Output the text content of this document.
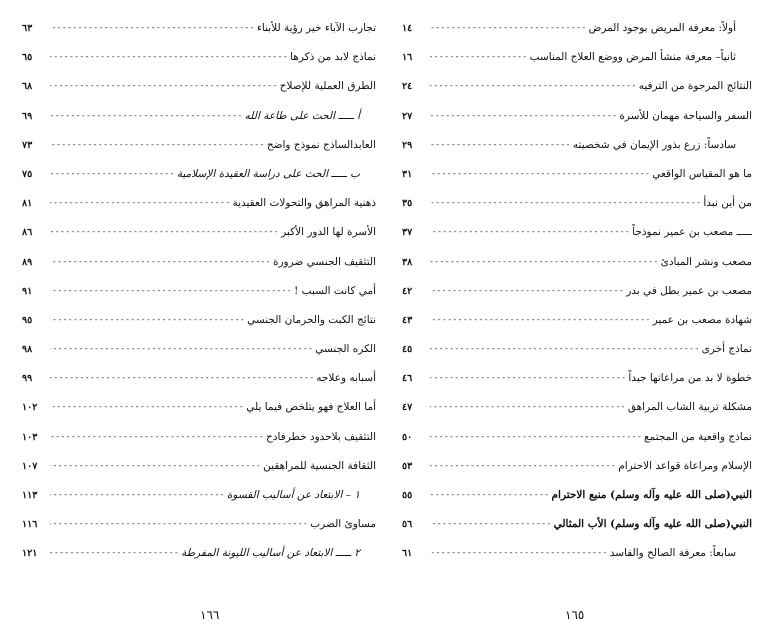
أولاً: معرفة المريض بوجود المرض
-----
١٤
ثانياً– معرفة منشأ المرض ووضع العلاج المناسب
-----
١٦
النتائج المرجوة من الترفيه
-----
٢٤
السفر والسياحة مهمان للأسرة
-----
٢٧
سادساً: زرع بذور الإيمان في شخصيته
-----
٢٩
ما هو المقياس الواقعي
-----
٣١
من أين نبدأ
-----
٣٥
ـــــ مصعب بن عمير نموذجاً
-----
٣٧
مصعب ونشر المبادئ
-----
٣٨
مصعب بن عمير بطل في بدر
-----
٤٢
شهادة مصعب بن عمير
-----
٤٣
نماذج أخرى
-----
٤٥
خطوة لا بد من مراعاتها جيداً
-----
٤٦
مشكلة تربية الشاب المراهق
-----
٤٧
نماذج واقعية من المجتمع
-----
٥٠
الإسلام ومراعاة قواعد الاحترام
-----
٥٣
النبي(صلى الله عليه وآله وسلم) منبع الاحترام
-----
٥٥
النبي(صلى الله عليه وآله وسلم) الأب المثالي
-----
٥٦
سابعاً: معرفة الصالح والفاسد
-----
٦١
تجارب الآباء خير رؤية للأبناء
-----
٦٣
نماذج لابد من ذكرها
-----
٦٥
الطرق العملية للإصلاح
-----
٦٨
أ ـــــ الحث على طاعة الله
-----
٦٩
العابدالساذج نموذج واضح
-----
٧٣
ب ـــــ الحث على دراسة العقيدة الإسلامية
-----
٧٥
ذهنية المراهق والتحولات العقيدية
-----
٨١
الأسرة لها الدور الأكبر
-----
٨٦
التثقيف الجنسي ضرورة
-----
٨٩
أمي كانت السبب !
-----
٩١
نتائج الكبت والحرمان الجنسي
-----
٩٥
الكره الجنسي
-----
٩٨
أسبابه وعلاجه
-----
٩٩
أما العلاج فهو يتلخص فيما يلي
-----
١٠٢
التثقيف بلاحدود خطرفادح
-----
١٠٣
الثقافة الجنسية للمراهقين
-----
١٠٧
١ – الابتعاد عن أساليب القسوة
-----
١١٣
مساوئ الضرب
-----
١١٦
٢ ـــــ الابتعاد عن أساليب الليونة المفرطة
-----
١٢١
١٦٦	١٦٥
